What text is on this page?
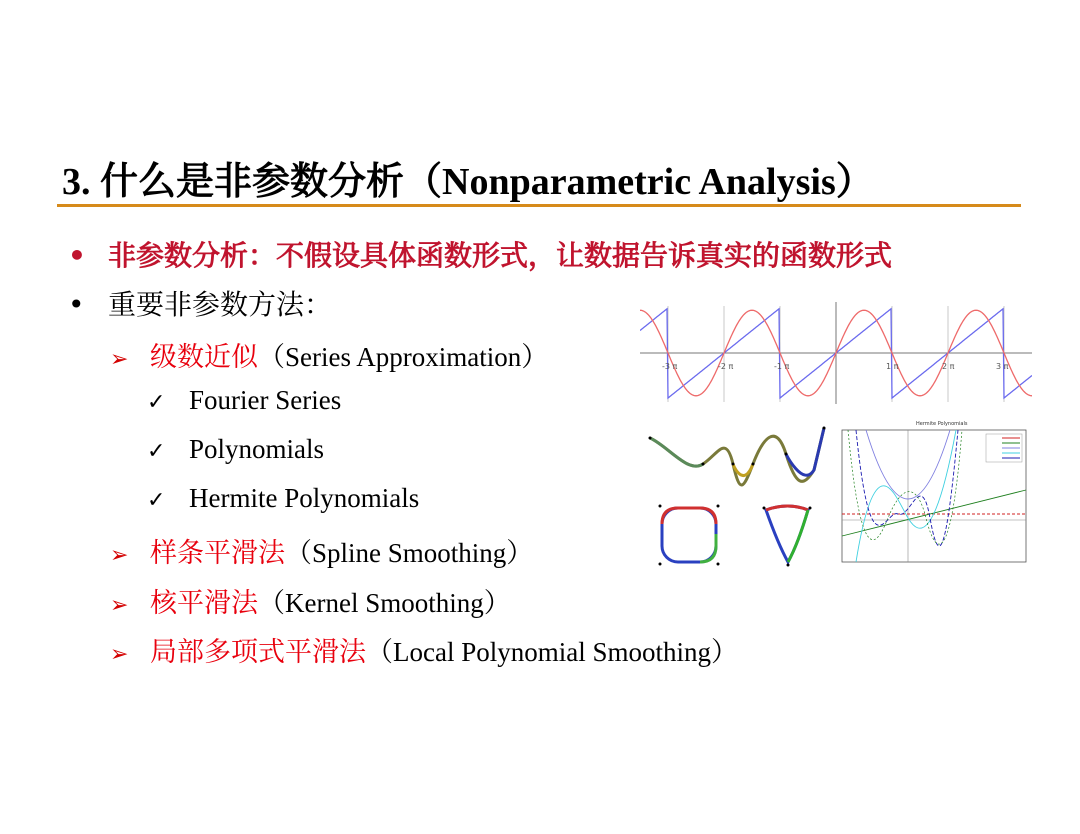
3. 什么是非参数分析（Nonparametric Analysis）
• 非参数分析：不假设具体函数形式，让数据告诉真实的函数形式
• 重要非参数方法：
➢ 级数近似（Series Approximation）
✓ Fourier Series
✓ Polynomials
✓ Hermite Polynomials
➢ 样条平滑法（Spline Smoothing）
➢ 核平滑法（Kernel Smoothing）
➢ 局部多项式平滑法（Local Polynomial Smoothing）
-3 π	-2 π	-1 π	1 π	2 π	3 π
Hermite Polynomials
